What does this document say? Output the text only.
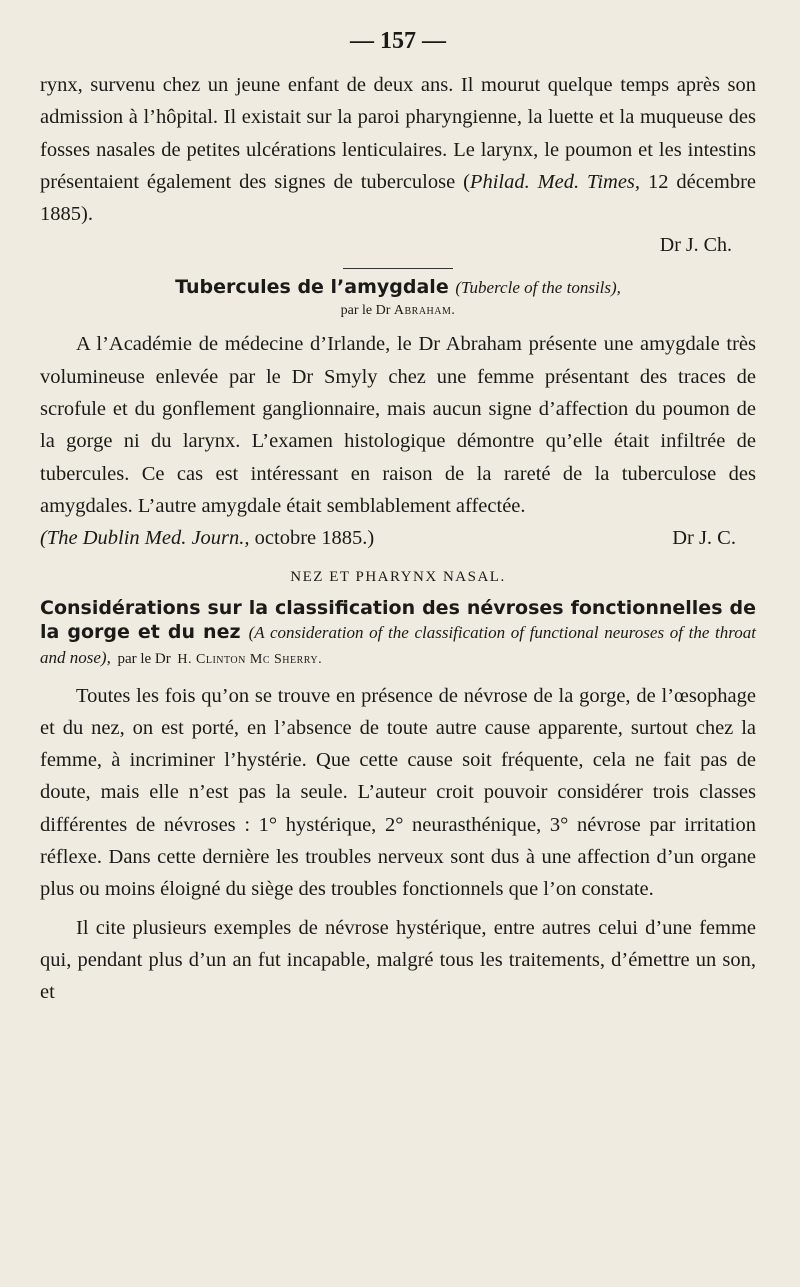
— 157 —

rynx, survenu chez un jeune enfant de deux ans. Il mourut quelque temps après son admission à l’hôpital. Il existait sur la paroi pharyngienne, la luette et la muqueuse des fosses nasales de petites ulcérations lenticulaires. Le larynx, le poumon et les intestins présentaient également des signes de tuberculose (Philad. Med. Times, 12 décembre 1885).

Dr J. Ch.
Tubercules de l’amygdale (Tubercle of the tonsils),
par le Dr Abraham.

A l’Académie de médecine d’Irlande, le Dr Abraham présente une amygdale très volumineuse enlevée par le Dr Smyly chez une femme présentant des traces de scrofule et du gonflement ganglionnaire, mais aucun signe d’affection du poumon de la gorge ni du larynx. L’examen histologique démontre qu’elle était infiltrée de tubercules. Ce cas est intéressant en raison de la rareté de la tuberculose des amygdales. L’autre amygdale était semblablement affectée.

(The Dublin Med. Journ., octobre 1885.)	Dr J. C.
NEZ ET PHARYNX NASAL.
Considérations sur la classification des névroses fonctionnelles de la gorge et du nez (A consideration of the classification of functional neuroses of the throat and nose), par le Dr H. Clinton Mc Sherry.

Toutes les fois qu’on se trouve en présence de névrose de la gorge, de l’œsophage et du nez, on est porté, en l’absence de toute autre cause apparente, surtout chez la femme, à incriminer l’hystérie. Que cette cause soit fréquente, cela ne fait pas de doute, mais elle n’est pas la seule. L’auteur croit pouvoir considérer trois classes différentes de névroses : 1° hystérique, 2° neurasthénique, 3° névrose par irritation réflexe. Dans cette dernière les troubles nerveux sont dus à une affection d’un organe plus ou moins éloigné du siège des troubles fonctionnels que l’on constate.

Il cite plusieurs exemples de névrose hystérique, entre autres celui d’une femme qui, pendant plus d’un an fut incapable, malgré tous les traitements, d’émettre un son, et
